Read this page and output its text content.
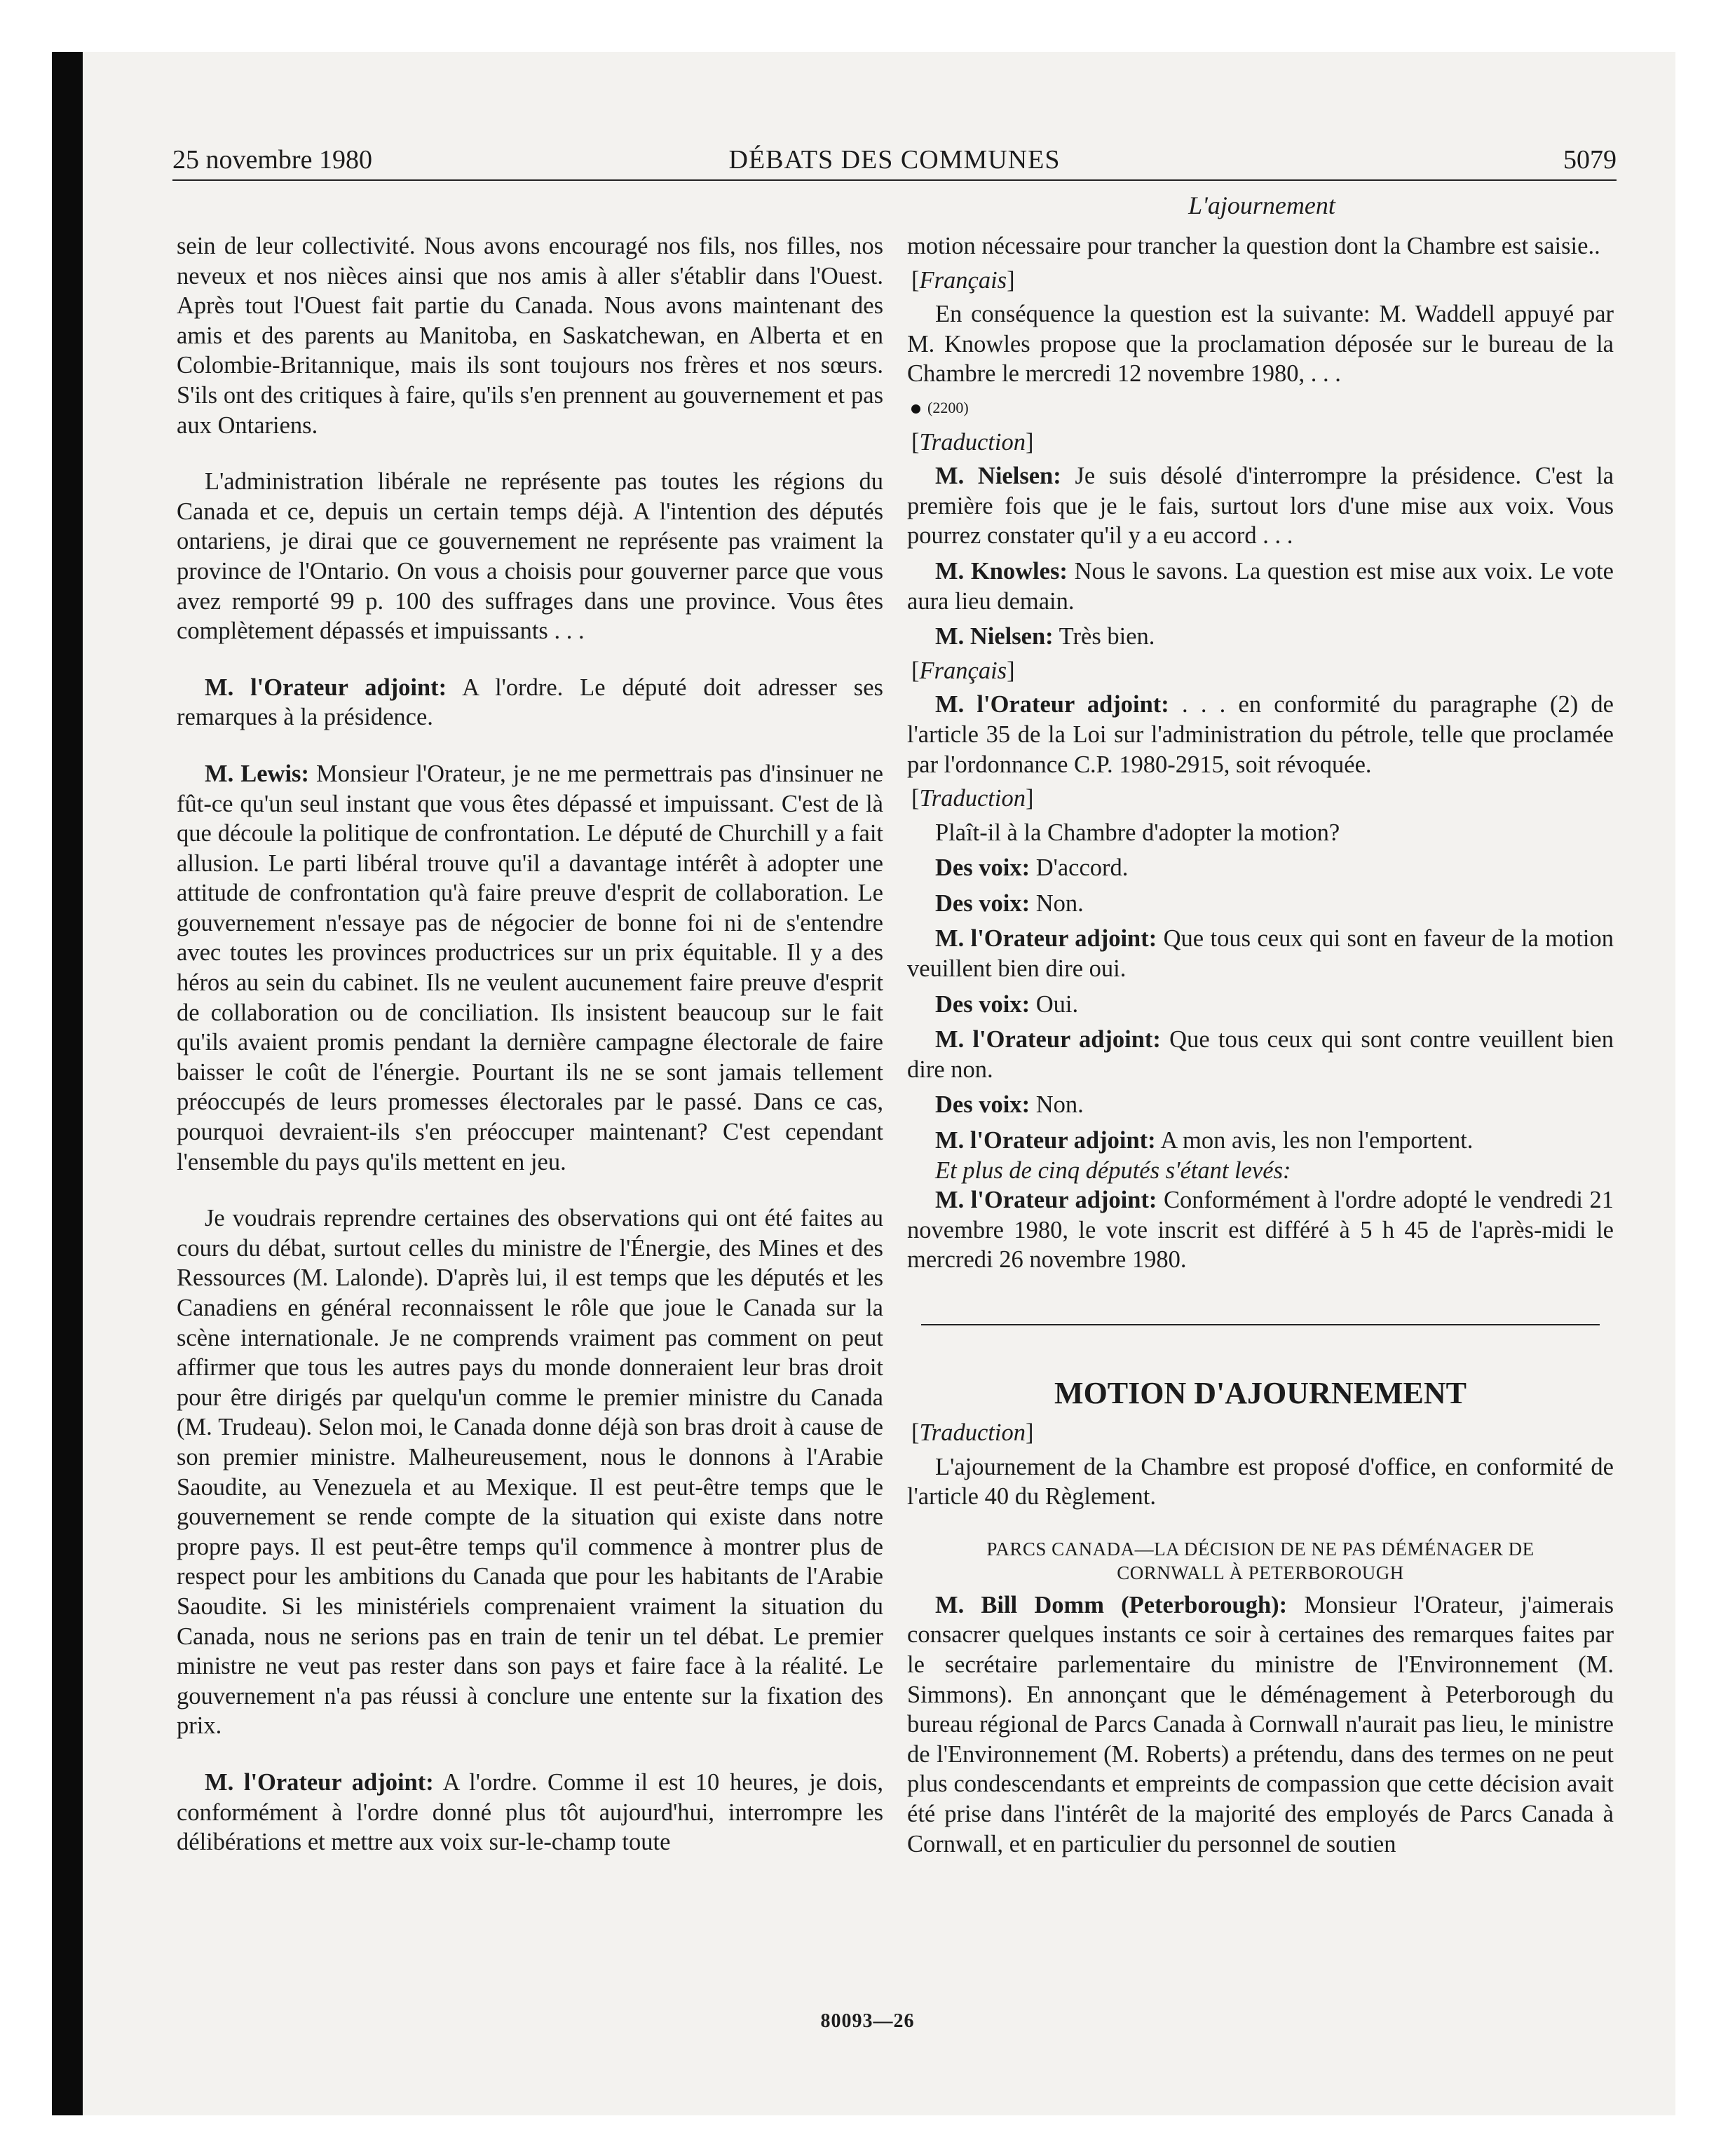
25 novembre 1980	DÉBATS DES COMMUNES	5079
L'ajournement

sein de leur collectivité. Nous avons encouragé nos fils, nos filles, nos neveux et nos nièces ainsi que nos amis à aller s'établir dans l'Ouest. Après tout l'Ouest fait partie du Canada. Nous avons maintenant des amis et des parents au Manitoba, en Saskatchewan, en Alberta et en Colombie-Britannique, mais ils sont toujours nos frères et nos sœurs. S'ils ont des critiques à faire, qu'ils s'en prennent au gouvernement et pas aux Ontariens.

L'administration libérale ne représente pas toutes les régions du Canada et ce, depuis un certain temps déjà. A l'intention des députés ontariens, je dirai que ce gouvernement ne représente pas vraiment la province de l'Ontario. On vous a choisis pour gouverner parce que vous avez remporté 99 p. 100 des suffrages dans une province. Vous êtes complètement dépassés et impuissants . . .

M. l'Orateur adjoint: A l'ordre. Le député doit adresser ses remarques à la présidence.

M. Lewis: Monsieur l'Orateur, je ne me permettrais pas d'insinuer ne fût-ce qu'un seul instant que vous êtes dépassé et impuissant. C'est de là que découle la politique de confrontation. Le député de Churchill y a fait allusion. Le parti libéral trouve qu'il a davantage intérêt à adopter une attitude de confrontation qu'à faire preuve d'esprit de collaboration. Le gouvernement n'essaye pas de négocier de bonne foi ni de s'entendre avec toutes les provinces productrices sur un prix équitable. Il y a des héros au sein du cabinet. Ils ne veulent aucunement faire preuve d'esprit de collaboration ou de conciliation. Ils insistent beaucoup sur le fait qu'ils avaient promis pendant la dernière campagne électorale de faire baisser le coût de l'énergie. Pourtant ils ne se sont jamais tellement préoccupés de leurs promesses électorales par le passé. Dans ce cas, pourquoi devraient-ils s'en préoccuper maintenant? C'est cependant l'ensemble du pays qu'ils mettent en jeu.

Je voudrais reprendre certaines des observations qui ont été faites au cours du débat, surtout celles du ministre de l'Énergie, des Mines et des Ressources (M. Lalonde). D'après lui, il est temps que les députés et les Canadiens en général reconnaissent le rôle que joue le Canada sur la scène internationale. Je ne comprends vraiment pas comment on peut affirmer que tous les autres pays du monde donneraient leur bras droit pour être dirigés par quelqu'un comme le premier ministre du Canada (M. Trudeau). Selon moi, le Canada donne déjà son bras droit à cause de son premier ministre. Malheureusement, nous le donnons à l'Arabie Saoudite, au Venezuela et au Mexique. Il est peut-être temps que le gouvernement se rende compte de la situation qui existe dans notre propre pays. Il est peut-être temps qu'il commence à montrer plus de respect pour les ambitions du Canada que pour les habitants de l'Arabie Saoudite. Si les ministériels comprenaient vraiment la situation du Canada, nous ne serions pas en train de tenir un tel débat. Le premier ministre ne veut pas rester dans son pays et faire face à la réalité. Le gouvernement n'a pas réussi à conclure une entente sur la fixation des prix.

M. l'Orateur adjoint: A l'ordre. Comme il est 10 heures, je dois, conformément à l'ordre donné plus tôt aujourd'hui, interrompre les délibérations et mettre aux voix sur-le-champ toute

motion nécessaire pour trancher la question dont la Chambre est saisie..

[Français]

En conséquence la question est la suivante: M. Waddell appuyé par M. Knowles propose que la proclamation déposée sur le bureau de la Chambre le mercredi 12 novembre 1980, . . .

(2200)
[Traduction]

M. Nielsen: Je suis désolé d'interrompre la présidence. C'est la première fois que je le fais, surtout lors d'une mise aux voix. Vous pourrez constater qu'il y a eu accord . . .

M. Knowles: Nous le savons. La question est mise aux voix. Le vote aura lieu demain.

M. Nielsen: Très bien.

[Français]

M. l'Orateur adjoint: . . . en conformité du paragraphe (2) de l'article 35 de la Loi sur l'administration du pétrole, telle que proclamée par l'ordonnance C.P. 1980-2915, soit révoquée.

[Traduction]

Plaît-il à la Chambre d'adopter la motion?

Des voix: D'accord.

Des voix: Non.

M. l'Orateur adjoint: Que tous ceux qui sont en faveur de la motion veuillent bien dire oui.

Des voix: Oui.

M. l'Orateur adjoint: Que tous ceux qui sont contre veuillent bien dire non.

Des voix: Non.

M. l'Orateur adjoint: A mon avis, les non l'emportent.

Et plus de cinq députés s'étant levés:

M. l'Orateur adjoint: Conformément à l'ordre adopté le vendredi 21 novembre 1980, le vote inscrit est différé à 5 h 45 de l'après-midi le mercredi 26 novembre 1980.

MOTION D'AJOURNEMENT
[Traduction]

L'ajournement de la Chambre est proposé d'office, en conformité de l'article 40 du Règlement.

PARCS CANADA—LA DÉCISION DE NE PAS DÉMÉNAGER DE
CORNWALL À PETERBOROUGH

M. Bill Domm (Peterborough): Monsieur l'Orateur, j'aimerais consacrer quelques instants ce soir à certaines des remarques faites par le secrétaire parlementaire du ministre de l'Environnement (M. Simmons). En annonçant que le déménagement à Peterborough du bureau régional de Parcs Canada à Cornwall n'aurait pas lieu, le ministre de l'Environnement (M. Roberts) a prétendu, dans des termes on ne peut plus condescendants et empreints de compassion que cette décision avait été prise dans l'intérêt de la majorité des employés de Parcs Canada à Cornwall, et en particulier du personnel de soutien

80093—26
